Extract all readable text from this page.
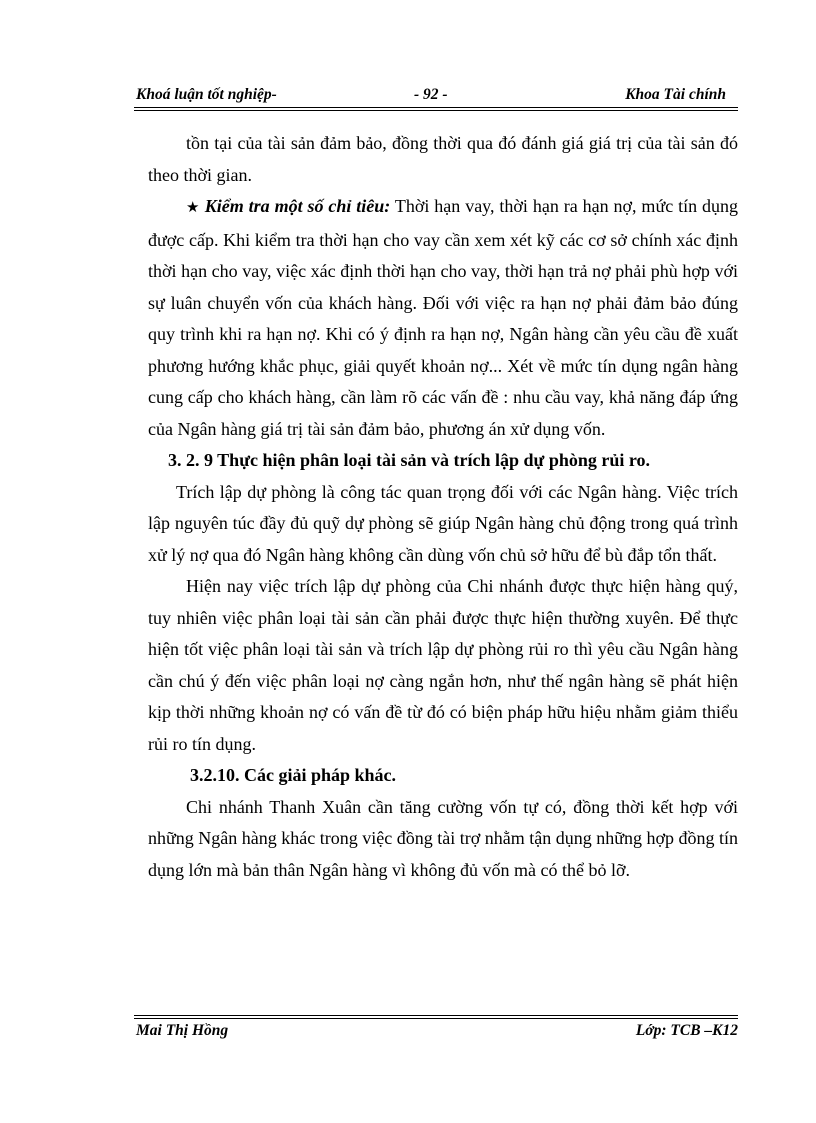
Khoá luận tốt nghiệp-	- 92 -	Khoa Tài chính

tồn tại của tài sản đảm bảo, đồng thời qua đó đánh giá giá trị của tài sản đó theo thời gian.

★ Kiểm tra một số chỉ tiêu: Thời hạn vay, thời hạn ra hạn nợ, mức tín dụng được cấp. Khi kiểm tra thời hạn cho vay cần xem xét kỹ các cơ sở chính xác định thời hạn cho vay, việc xác định thời hạn cho vay, thời hạn trả nợ phải phù hợp với sự luân chuyển vốn của khách hàng. Đối với việc ra hạn nợ phải đảm bảo đúng quy trình khi ra hạn nợ. Khi có ý định ra hạn nợ, Ngân hàng cần yêu cầu đề xuất phương hướng khắc phục, giải quyết khoản nợ... Xét về mức tín dụng ngân hàng cung cấp cho khách hàng, cần làm rõ các vấn đề : nhu cầu vay, khả năng đáp ứng của Ngân hàng giá trị tài sản đảm bảo, phương án xử dụng vốn.

3. 2. 9 Thực hiện phân loại tài sản và trích lập dự phòng rủi ro.

Trích lập dự phòng là công tác quan trọng đối với các Ngân hàng. Việc trích lập nguyên túc đầy đủ quỹ dự phòng sẽ giúp Ngân hàng chủ động trong quá trình xử lý nợ qua đó Ngân hàng không cần dùng vốn chủ sở hữu để bù đắp tổn thất.

Hiện nay việc trích lập dự phòng của Chi nhánh được thực hiện hàng quý, tuy nhiên việc phân loại tài sản cần phải được thực hiện thường xuyên. Để thực hiện tốt việc phân loại tài sản và trích lập dự phòng rủi ro thì yêu cầu Ngân hàng cần chú ý đến việc phân loại nợ càng ngắn hơn, như thế ngân hàng sẽ phát hiện kịp thời những khoản nợ có vấn đề từ đó có biện pháp hữu hiệu nhằm giảm thiểu rủi ro tín dụng.

3.2.10. Các giải pháp khác.

Chi nhánh Thanh Xuân cần tăng cường vốn tự có, đồng thời kết hợp với những Ngân hàng khác trong việc đồng tài trợ nhằm tận dụng những hợp đồng tín dụng lớn mà bản thân Ngân hàng vì không đủ vốn mà có thể bỏ lỡ.

Mai Thị Hồng	Lớp: TCB –K12
